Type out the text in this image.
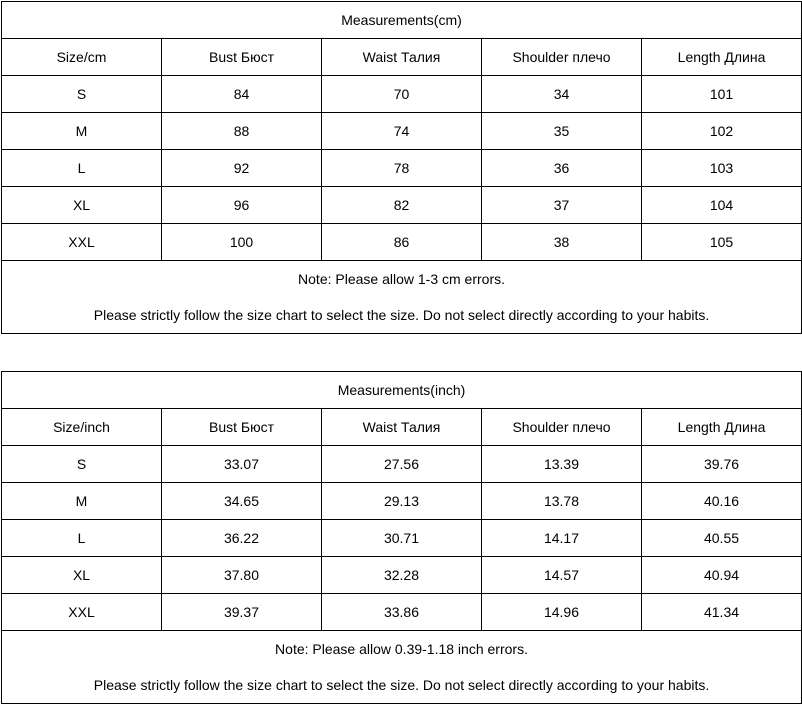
Measurements(cm)				
Size/cm	Bust Бюст	Waist Талия	Shoulder плечо	Length Длина
S	84	70	34	101
M	88	74	35	102
L	92	78	36	103
XL	96	82	37	104
XXL	100	86	38	105

Note: Please allow 1-3 cm errors.
Please strictly follow the size chart to select the size. Do not select directly according to your habits.				
Measurements(inch)				
Size/inch	Bust Бюст	Waist Талия	Shoulder плечо	Length Длина
S	33.07	27.56	13.39	39.76
M	34.65	29.13	13.78	40.16
L	36.22	30.71	14.17	40.55
XL	37.80	32.28	14.57	40.94
XXL	39.37	33.86	14.96	41.34

Note: Please allow 0.39-1.18 inch errors.
Please strictly follow the size chart to select the size. Do not select directly according to your habits.				
